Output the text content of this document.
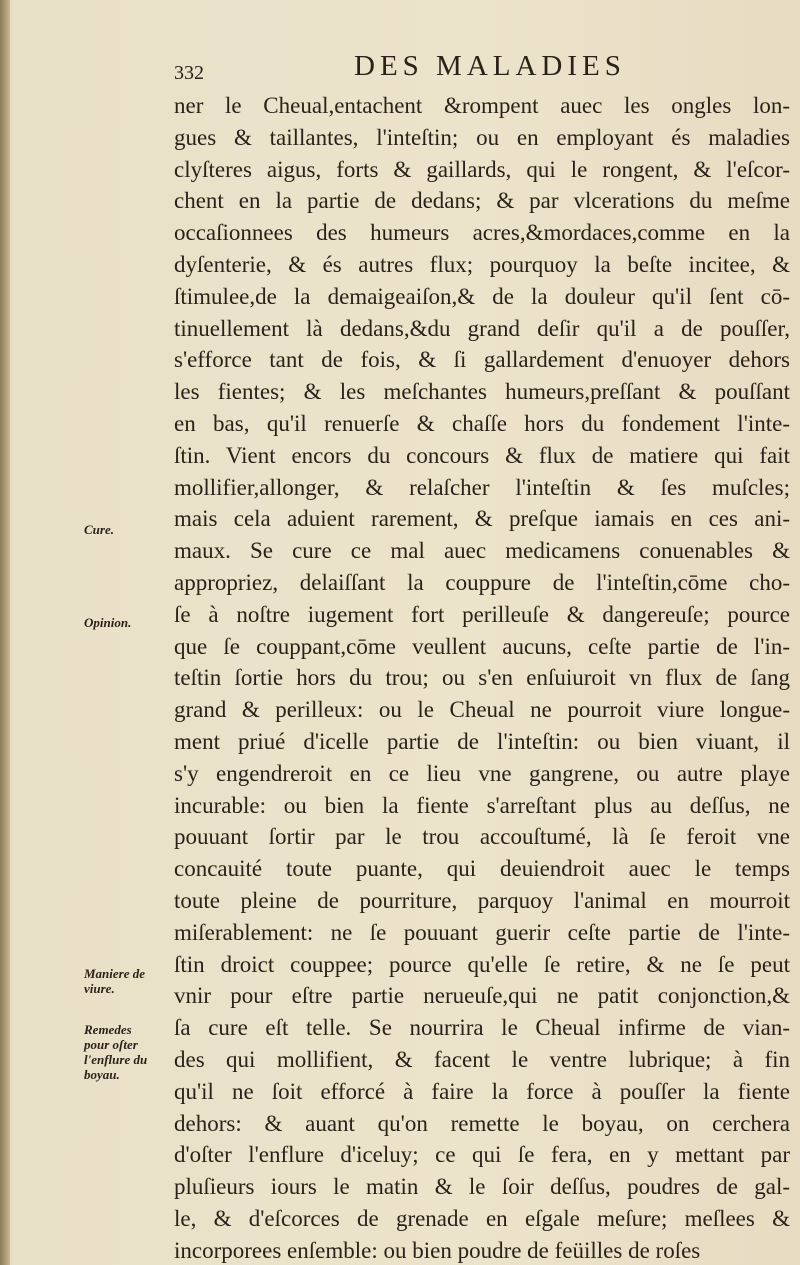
332	DES MALADIES
ner le Cheual,entachent &rompent auec les ongles lon-
gues & taillantes, l'inteſtin; ou en employant és maladies
clyſteres aigus, forts & gaillards, qui le rongent, & l'eſcor-
chent en la partie de dedans; & par vlcerations du meſme
occaſionnees des humeurs acres,&mordaces,comme en la
dyſenterie, & és autres flux; pourquoy la beſte incitee, &
ſtimulee,de la demaigeaiſon,& de la douleur qu'il ſent cō-
tinuellement là dedans,&du grand deſir qu'il a de pouſſer,
s'efforce tant de fois, & ſi gallardement d'enuoyer dehors
les fientes; & les meſchantes humeurs,preſſant & pouſſant
en bas, qu'il renuerſe & chaſſe hors du fondement l'inte-
ſtin. Vient encors du concours & flux de matiere qui fait
mollifier,allonger, & relaſcher l'inteſtin & ſes muſcles;
mais cela aduient rarement, & preſque iamais en ces ani-
maux. Se cure ce mal auec medicamens conuenables &
appropriez, delaiſſant la couppure de l'inteſtin,cōme cho-
ſe à noſtre iugement fort perilleuſe & dangereuſe; pource
que ſe couppant,cōme veullent aucuns, ceſte partie de l'in-
teſtin ſortie hors du trou; ou s'en enſuiuroit vn flux de ſang
grand & perilleux: ou le Cheual ne pourroit viure longue-
ment priué d'icelle partie de l'inteſtin: ou bien viuant, il
s'y engendreroit en ce lieu vne gangrene, ou autre playe
incurable: ou bien la fiente s'arreſtant plus au deſſus, ne
pouuant ſortir par le trou accouſtumé, là ſe feroit vne
concauité toute puante, qui deuiendroit auec le temps
toute pleine de pourriture, parquoy l'animal en mourroit
miſerablement: ne ſe pouuant guerir ceſte partie de l'inte-
ſtin droict couppee; pource qu'elle ſe retire, & ne ſe peut
vnir pour eſtre partie nerueuſe,qui ne patit conjonction,&
ſa cure eſt telle. Se nourrira le Cheual infirme de vian-
des qui mollifient, & facent le ventre lubrique; à fin
qu'il ne ſoit efforcé à faire la force à pouſſer la fiente
dehors: & auant qu'on remette le boyau, on cerchera
d'oſter l'enflure d'iceluy; ce qui ſe fera, en y mettant par
pluſieurs iours le matin & le ſoir deſſus, poudres de gal-
le, & d'eſcorces de grenade en eſgale meſure; meſlees &
incorporees enſemble: ou bien poudre de feüilles de roſes
Cure.
Opinion.
Maniere de
viure.
Remedes
pour oſter
l'enflure du
boyau.
